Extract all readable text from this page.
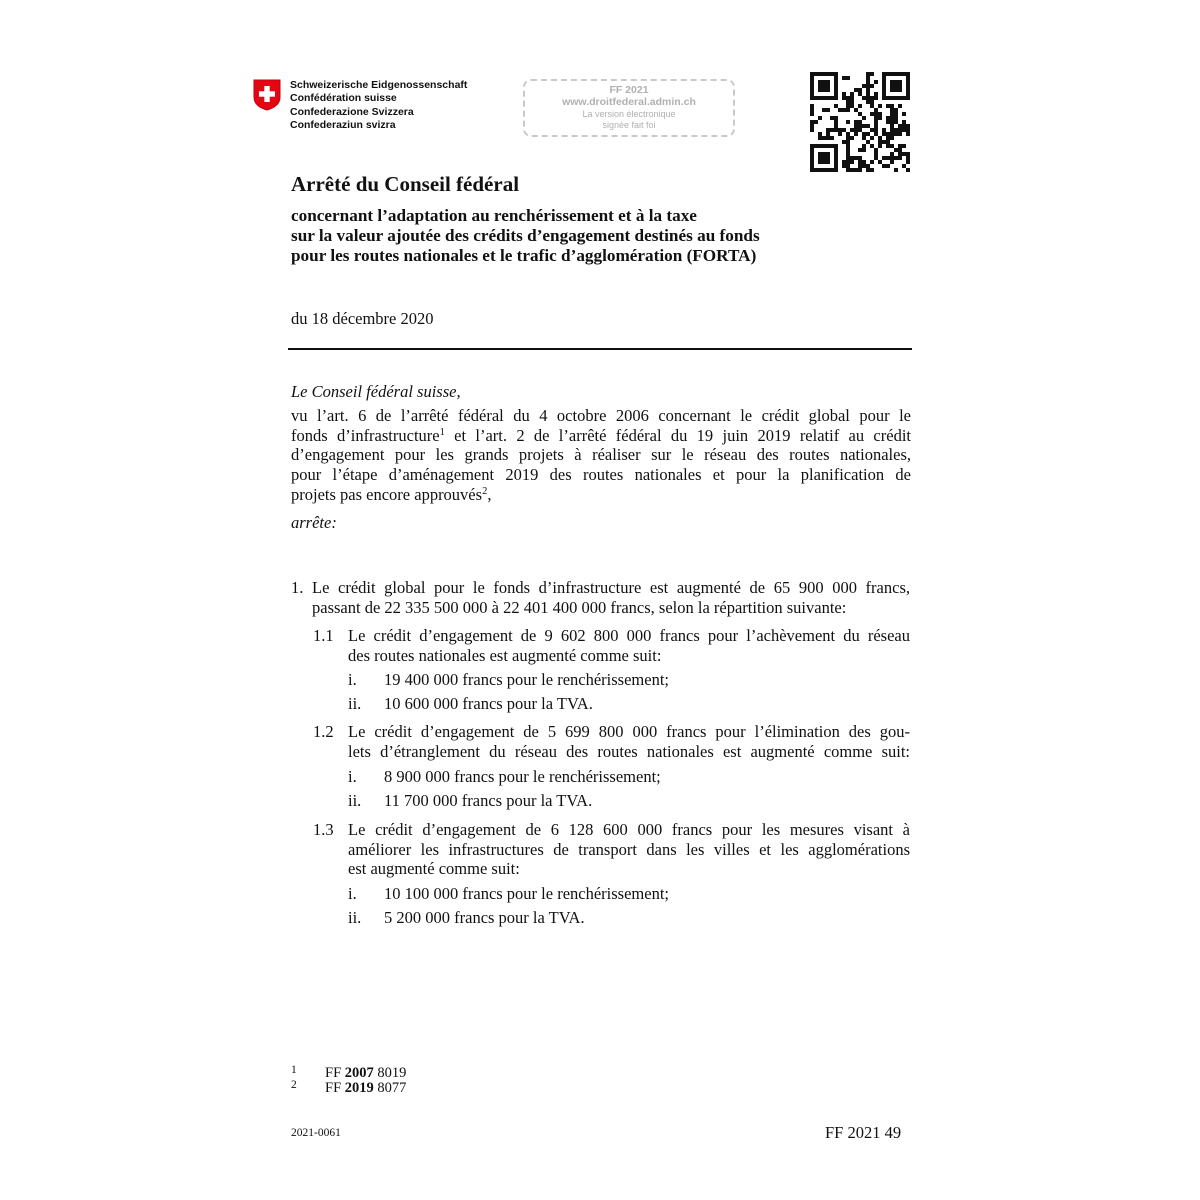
Schweizerische Eidgenossenschaft
Confédération suisse
Confederazione Svizzera
Confederaziun svizra
FF 2021
www.droitfederal.admin.ch
La version électronique
signée fait foi
Arrêté du Conseil fédéral
concernant l’adaptation au renchérissement et à la taxe
sur la valeur ajoutée des crédits d’engagement destinés au fonds
pour les routes nationales et le trafic d’agglomération (FORTA)
du 18 décembre 2020
Le Conseil fédéral suisse,
vu l’art. 6 de l’arrêté fédéral du 4 octobre 2006 concernant le crédit global pour le
fonds d’infrastructure$^1$ et l’art. 2 de l’arrêté fédéral du 19 juin 2019 relatif au crédit
d’engagement pour les grands projets à réaliser sur le réseau des routes nationales,
pour l’étape d’aménagement 2019 des routes nationales et pour la planification de
projets pas encore approuvés$^2$,
arrête:
1. Le crédit global pour le fonds d’infrastructure est augmenté de 65 900 000 francs,
passant de 22 335 500 000 à 22 401 400 000 francs, selon la répartition suivante:
1.1 Le crédit d’engagement de 9 602 800 000 francs pour l’achèvement du réseau
des routes nationales est augmenté comme suit:
i. 19 400 000 francs pour le renchérissement;
ii. 10 600 000 francs pour la TVA.
1.2 Le crédit d’engagement de 5 699 800 000 francs pour l’élimination des gou-
lets d’étranglement du réseau des routes nationales est augmenté comme suit:
i. 8 900 000 francs pour le renchérissement;
ii. 11 700 000 francs pour la TVA.
1.3 Le crédit d’engagement de 6 128 600 000 francs pour les mesures visant à
améliorer les infrastructures de transport dans les villes et les agglomérations
est augmenté comme suit:
i. 10 100 000 francs pour le renchérissement;
ii. 5 200 000 francs pour la TVA.
1 FF 2007 8019
2 FF 2019 8077
2021-0061	FF 2021 49
